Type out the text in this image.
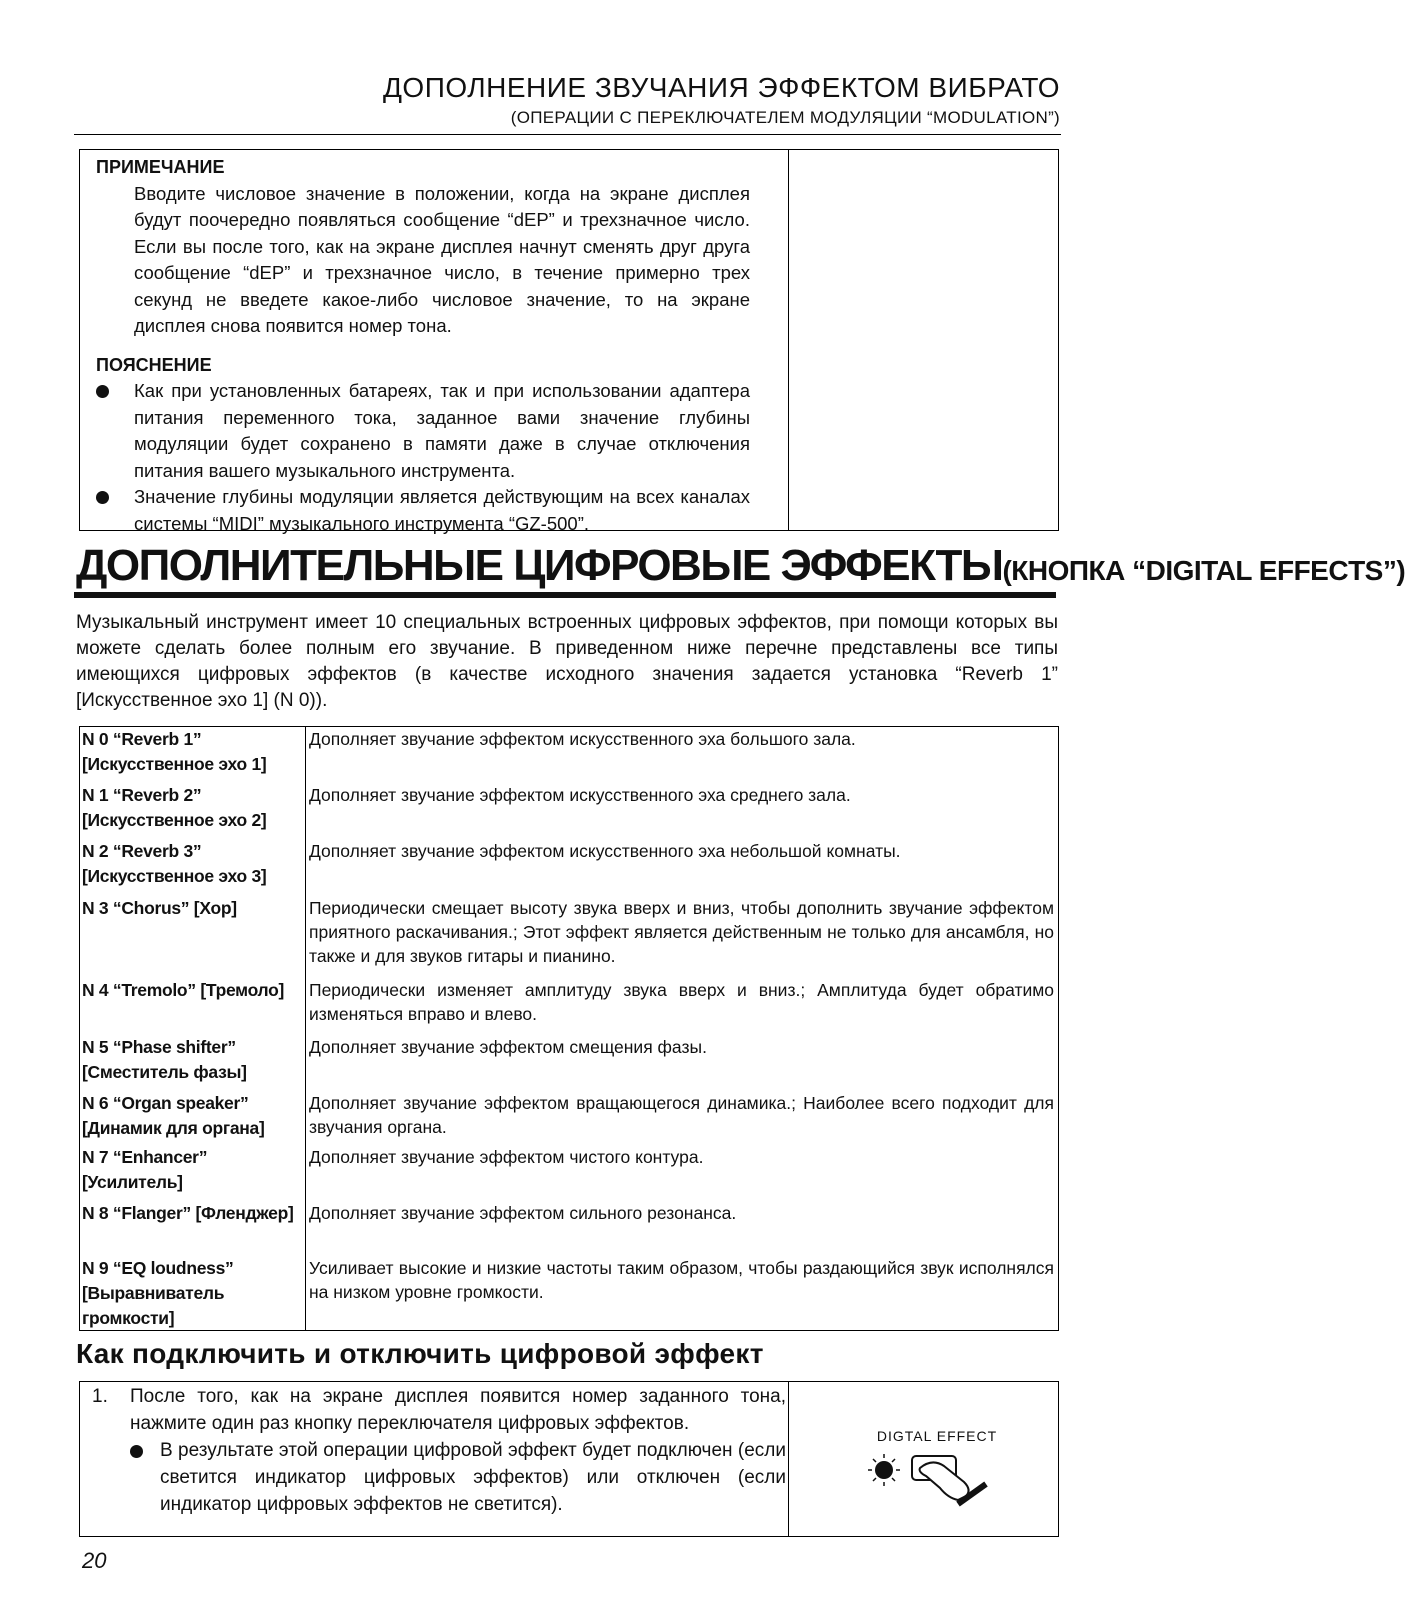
ДОПОЛНЕНИЕ ЗВУЧАНИЯ ЭФФЕКТОМ ВИБРАТО
(ОПЕРАЦИИ С ПЕРЕКЛЮЧАТЕЛЕМ МОДУЛЯЦИИ “MODULATION”)

ПРИМЕЧАНИЕ

Вводите числовое значение в положении, когда на экране дисплея будут поочередно появляться сообщение “dEP” и трехзначное число. Если вы после того, как на экране дисплея начнут сменять друг друга сообщение “dEP” и трехзначное число, в течение примерно трех секунд не введете какое-либо числовое значение, то на экране дисплея снова появится номер тона.

ПОЯСНЕНИЕ

Как при установленных батареях, так и при использовании адаптера питания переменного тока, заданное вами значение глубины модуляции будет сохранено в памяти даже в случае отключения питания вашего музыкального инструмента.
Значение глубины модуляции является действующим на всех каналах системы “MIDI” музыкального инструмента “GZ-500”.
ДОПОЛНИТЕЛЬНЫЕ ЦИФРОВЫЕ ЭФФЕКТЫ(КНОПКА “DIGITAL EFFECTS”)
Музыкальный инструмент имеет 10 специальных встроенных цифровых эффектов, при помощи которых вы можете сделать более полным его звучание. В приведенном ниже перечне представлены все типы имеющихся цифровых эффектов (в качестве исходного значения задается установка “Reverb 1” [Искусственное эхо 1] (N 0)).
N 0 “Reverb 1” [Искусственное эхо 1]
Дополняет звучание эффектом искусственного эха большого зала.
N 1 “Reverb 2” [Искусственное эхо 2]
Дополняет звучание эффектом искусственного эха среднего зала.
N 2 “Reverb 3” [Искусственное эхо 3]
Дополняет звучание эффектом искусственного эха небольшой комнаты.
N 3 “Chorus” [Хор]	Периодически смещает высоту звука вверх и вниз, чтобы дополнить звучание эффектом приятного раскачивания.; Этот эффект является действенным не только для ансамбля, но также и для звуков гитары и пианино.
N 4 “Tremolo” [Тремоло]	Периодически изменяет амплитуду звука вверх и вниз.; Амплитуда будет обратимо изменяться вправо и влево.
N 5 “Phase shifter” [Сместитель фазы]
Дополняет звучание эффектом смещения фазы.
N 6 “Organ speaker” [Динамик для органа]
Дополняет звучание эффектом вращающегося динамика.; Наиболее всего подходит для звучания органа.
N 7 “Enhancer” [Усилитель]
Дополняет звучание эффектом чистого контура.
N 8 “Flanger” [Фленджер] Дополняет звучание эффектом сильного резонанса.
N 9 “EQ loudness” [Выравниватель громкости]
Усиливает высокие и низкие частоты таким образом, чтобы раздающийся звук исполнялся на низком уровне громкости.
Как подключить и отключить цифровой эффект
1. После того, как на экране дисплея появится номер заданного тона, нажмите один раз кнопку переключателя цифровых эффектов.
В результате этой операции цифровой эффект будет подключен (если светится индикатор цифровых эффектов) или отключен (если индикатор цифровых эффектов не светится).
DIGTAL EFFECT
20
